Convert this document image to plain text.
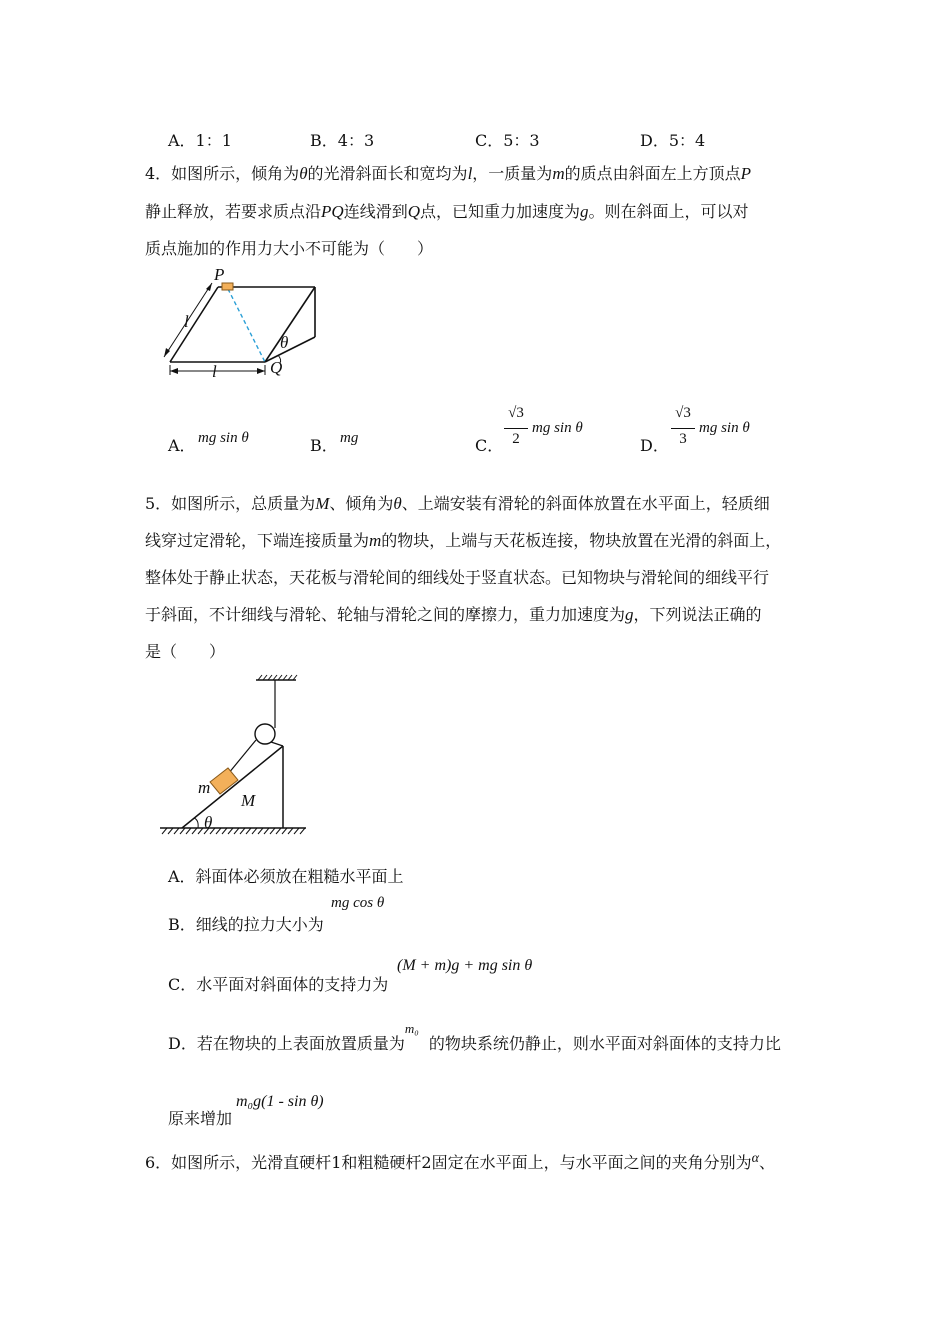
A．1：1	B．4：3	C．5：3	D．5：4
4．如图所示，倾角为θ的光滑斜面长和宽均为l，一质量为m的质点由斜面左上方顶点P
静止释放，若要求质点沿PQ连线滑到Q点，已知重力加速度为g。则在斜面上，可以对
质点施加的作用力大小不可能为（　　）
P
l
l	Q
θ
A． mg sin θ	B． mg	C．
√3
2
mg sin θ
D．
√3
3
mg sin θ
5．如图所示，总质量为M、倾角为θ、上端安装有滑轮的斜面体放置在水平面上，轻质细
线穿过定滑轮，下端连接质量为m的物块，上端与天花板连接，物块放置在光滑的斜面上，
整体处于静止状态，天花板与滑轮间的细线处于竖直状态。已知物块与滑轮间的细线平行
于斜面，不计细线与滑轮、轮轴与滑轮之间的摩擦力，重力加速度为g，下列说法正确的
是（　　）
m
M
θ
A．斜面体必须放在粗糙水平面上
B．细线的拉力大小为
mg cos θ
C．水平面对斜面体的支持力为
(M + m)g + mg sin θ
D．若在物块的上表面放置质量为m₀的物块系统仍静止，则水平面对斜面体的支持力比
原来增加
m₀g(1 - sin θ)
6．如图所示，光滑直硬杆1和粗糙硬杆2固定在水平面上，与水平面之间的夹角分别为α、
